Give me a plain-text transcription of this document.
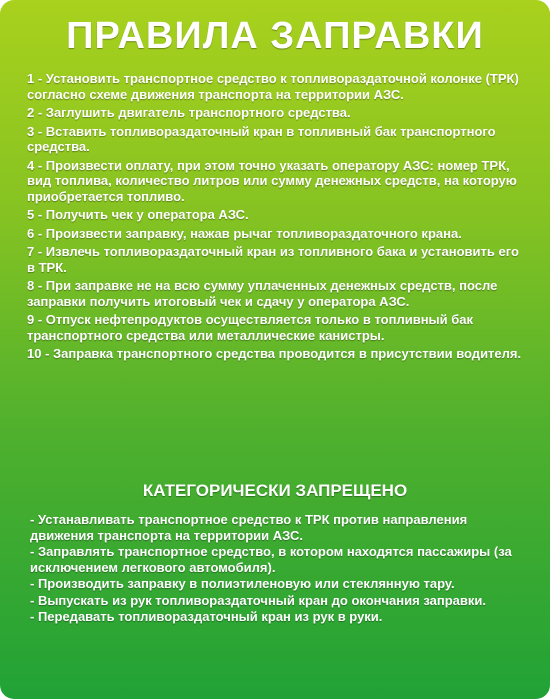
ПРАВИЛА ЗАПРАВКИ
1 - Установить транспортное средство к топливораздаточной колонке (ТРК) согласно схеме движения транспорта на территории АЗС.
2 - Заглушить двигатель транспортного средства.
3 - Вставить топливораздаточный кран в топливный бак транспортного средства.
4 - Произвести оплату, при этом точно указать оператору АЗС: номер ТРК, вид топлива, количество литров или сумму денежных средств, на которую приобретается топливо.
5 - Получить чек у оператора АЗС.
6 - Произвести заправку, нажав рычаг топливораздаточного крана.
7 - Извлечь топливораздаточный кран из топливного бака и установить его в ТРК.
8 - При заправке не на всю сумму уплаченных денежных средств, после заправки получить итоговый чек и сдачу у оператора АЗС.
9 - Отпуск нефтепродуктов осуществляется только в топливный бак транспортного средства или металлические канистры.
10 - Заправка транспортного средства проводится в присутствии водителя.
КАТЕГОРИЧЕСКИ ЗАПРЕЩЕНО
- Устанавливать транспортное средство к ТРК против направления движения транспорта на территории АЗС.
- Заправлять транспортное средство, в котором находятся пассажиры (за исключением легкового автомобиля).
- Производить заправку в полиэтиленовую или стеклянную тару.
- Выпускать из рук топливораздаточный кран до окончания заправки.
- Передавать топливораздаточный кран из рук в руки.
